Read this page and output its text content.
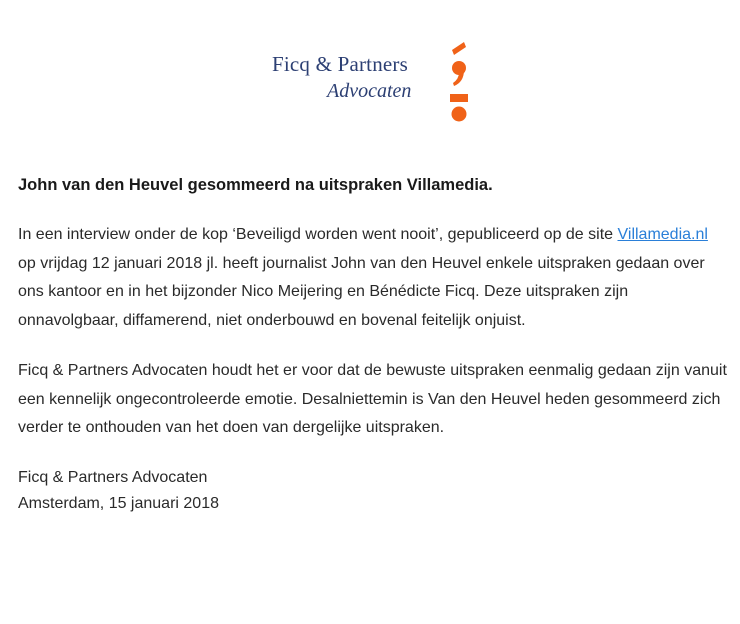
Ficq & Partners
Advocaten
John van den Heuvel gesommeerd na uitspraken Villamedia.

In een interview onder de kop ‘Beveiligd worden went nooit’, gepubliceerd op de site Villamedia.nl op vrijdag 12 januari 2018 jl. heeft journalist John van den Heuvel enkele uitspraken gedaan over ons kantoor en in het bijzonder Nico Meijering en Bénédicte Ficq. Deze uitspraken zijn onnavolgbaar, diffamerend, niet onderbouwd en bovenal feitelijk onjuist.

Ficq & Partners Advocaten houdt het er voor dat de bewuste uitspraken eenmalig gedaan zijn vanuit een kennelijk ongecontroleerde emotie. Desalniettemin is Van den Heuvel heden gesommeerd zich verder te onthouden van het doen van dergelijke uitspraken.

Ficq & Partners Advocaten
Amsterdam, 15 januari 2018
